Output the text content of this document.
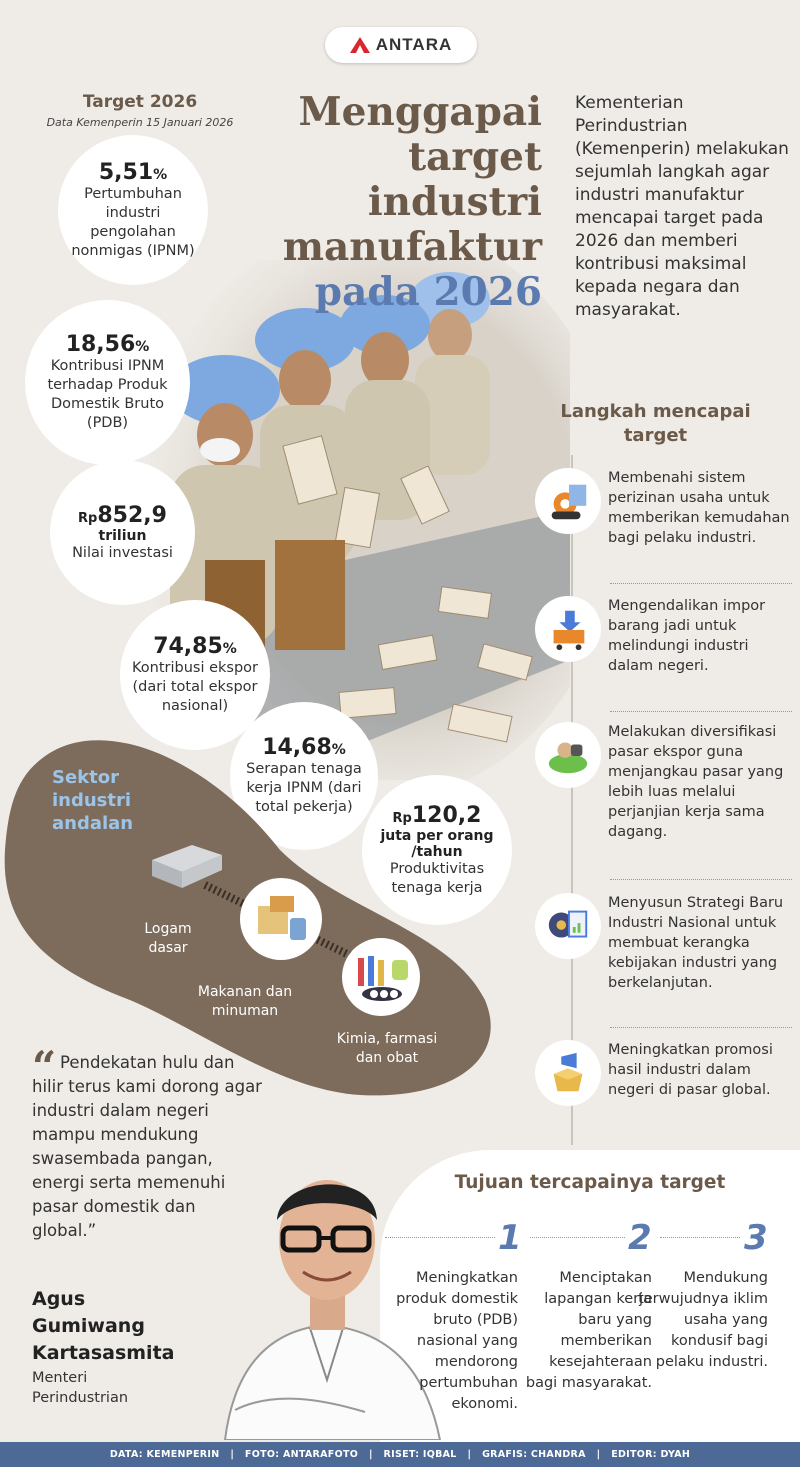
ANTARA
Menggapai
target industri
manufaktur
pada 2026
Kementerian Perindustrian (Kemenperin) melakukan sejumlah langkah agar industri manufaktur mencapai target pada 2026 dan memberi kontribusi maksimal kepada negara dan masyarakat.
Target 2026
Data Kemenperin 15 Januari 2026
5,51%
Pertumbuhan industri pengolahan nonmigas (IPNM)
18,56%
Kontribusi IPNM terhadap Produk Domestik Bruto (PDB)
Rp852,9
triliun
Nilai investasi
74,85%
Kontribusi ekspor (dari total ekspor nasional)
14,68%
Serapan tenaga kerja IPNM (dari total pekerja)
Rp120,2
juta per orang /tahun
Produktivitas tenaga kerja
Sektor
industri
andalan
Logam dasar
Makanan dan minuman
Kimia, farmasi dan obat
Langkah mencapai target
Membenahi sistem perizinan usaha untuk memberikan kemudahan bagi pelaku industri.
Mengendalikan impor barang jadi untuk melindungi industri dalam negeri.
Melakukan diversifikasi pasar ekspor guna menjangkau pasar yang lebih luas melalui perjanjian kerja sama dagang.
Menyusun Strategi Baru Industri Nasional untuk membuat kerangka kebijakan industri yang berkelanjutan.
Meningkatkan promosi hasil industri dalam negeri di pasar global.
“ Pendekatan hulu dan hilir terus kami dorong agar industri dalam negeri mampu mendukung swasembada pangan, energi serta memenuhi pasar domestik dan global.”
Agus
Gumiwang
Kartasasmita
Menteri
Perindustrian
Tujuan tercapainya target
1	2	3
Meningkatkan produk domestik bruto (PDB) nasional yang mendorong pertumbuhan ekonomi.
Menciptakan lapangan kerja baru yang memberikan kesejahteraan bagi masyarakat.
Mendukung terwujudnya iklim usaha yang kondusif bagi pelaku industri.
DATA: KEMENPERIN   |   FOTO: ANTARAFOTO   |   RISET: IQBAL   |   GRAFIS: CHANDRA   |   EDITOR: DYAH
